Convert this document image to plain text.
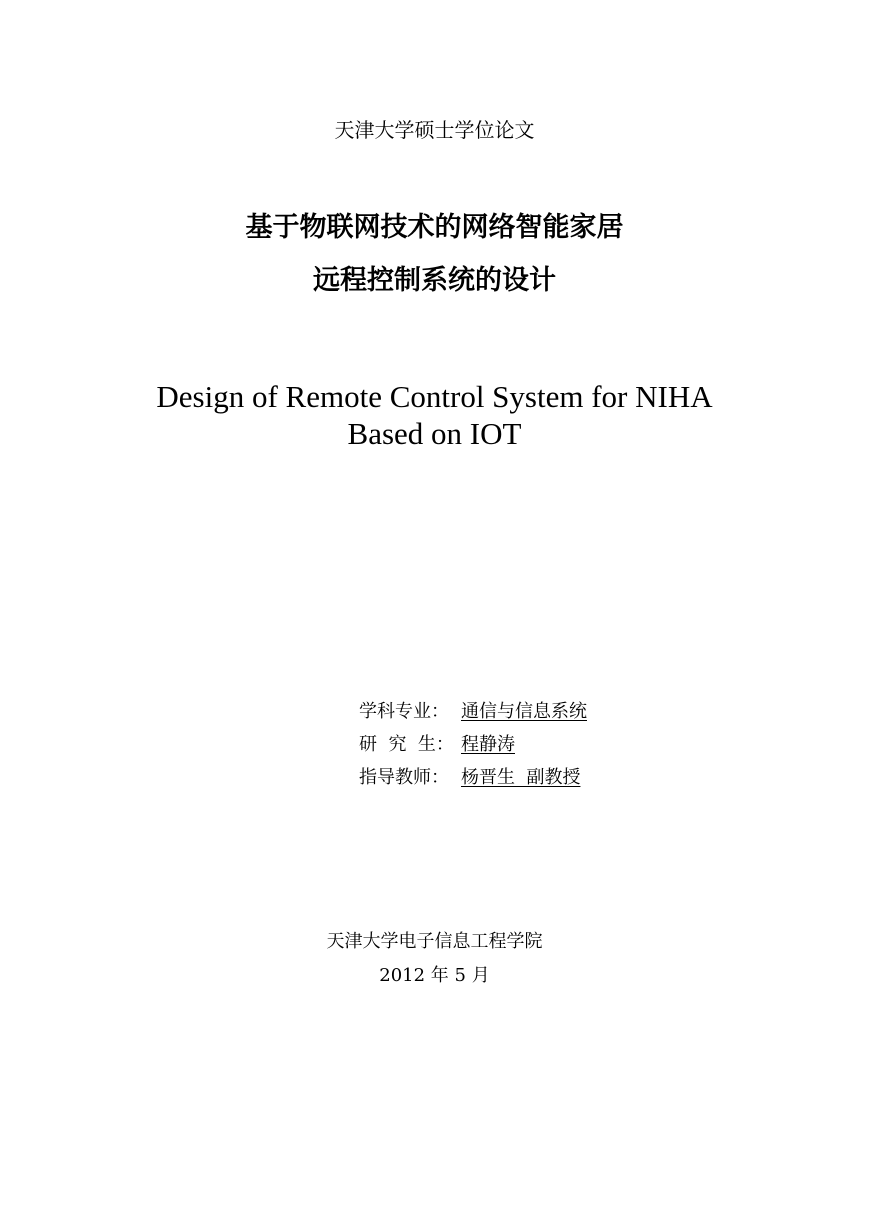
天津大学硕士学位论文
基于物联网技术的网络智能家居
远程控制系统的设计
Design of Remote Control System for NIHA
Based on IOT
学科专业： 通信与信息系统
研  究  生： 程静涛
指导教师： 杨晋生  副教授
天津大学电子信息工程学院
2012 年 5 月
